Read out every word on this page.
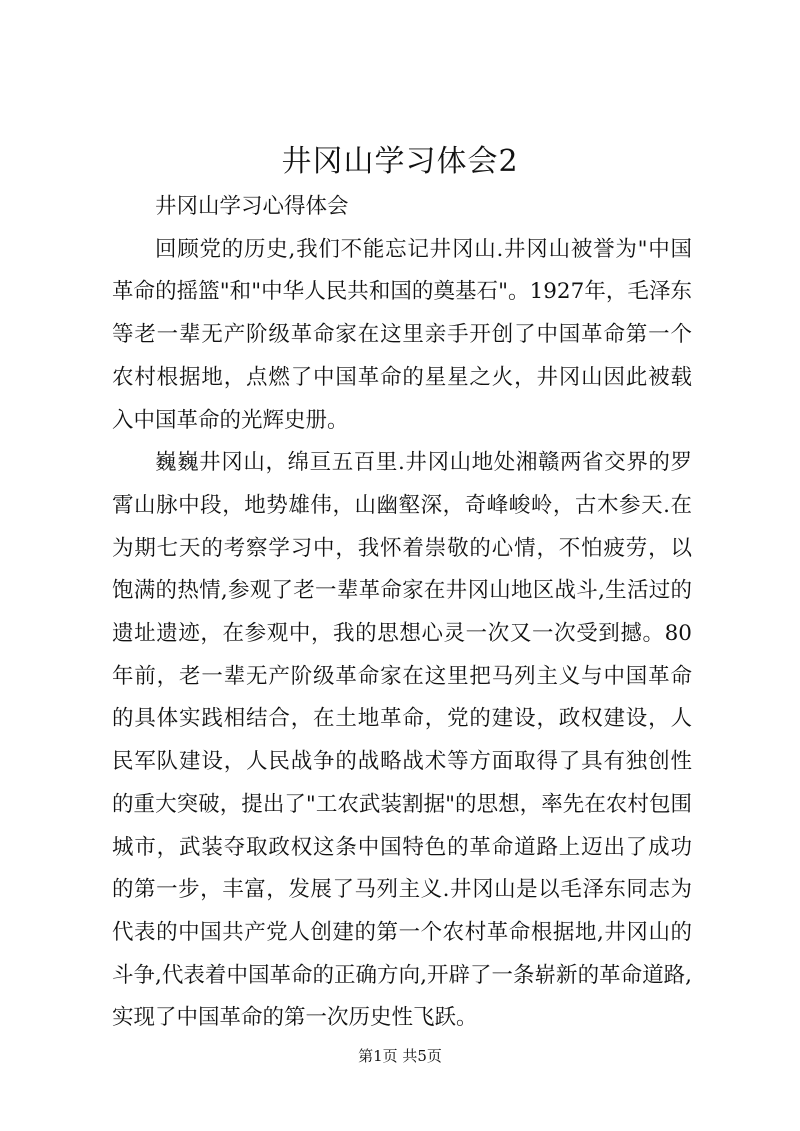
井冈山学习体会2

井冈山学习心得体会

回顾党的历史,我们不能忘记井冈山.井冈山被誉为"中国革命的摇篮"和"中华人民共和国的奠基石"。1927年，毛泽东等老一辈无产阶级革命家在这里亲手开创了中国革命第一个农村根据地，点燃了中国革命的星星之火，井冈山因此被载入中国革命的光辉史册。

巍巍井冈山，绵亘五百里.井冈山地处湘赣两省交界的罗霄山脉中段，地势雄伟，山幽壑深，奇峰峻岭，古木参天.在为期七天的考察学习中，我怀着崇敬的心情，不怕疲劳，以饱满的热情,参观了老一辈革命家在井冈山地区战斗,生活过的遗址遗迹，在参观中，我的思想心灵一次又一次受到撼。80年前，老一辈无产阶级革命家在这里把马列主义与中国革命的具体实践相结合，在土地革命，党的建设，政权建设，人民军队建设，人民战争的战略战术等方面取得了具有独创性的重大突破，提出了"工农武装割据"的思想，率先在农村包围城市，武装夺取政权这条中国特色的革命道路上迈出了成功的第一步，丰富，发展了马列主义.井冈山是以毛泽东同志为代表的中国共产党人创建的第一个农村革命根据地,井冈山的斗争,代表着中国革命的正确方向,开辟了一条崭新的革命道路,实现了中国革命的第一次历史性飞跃。

第1页 共5页
